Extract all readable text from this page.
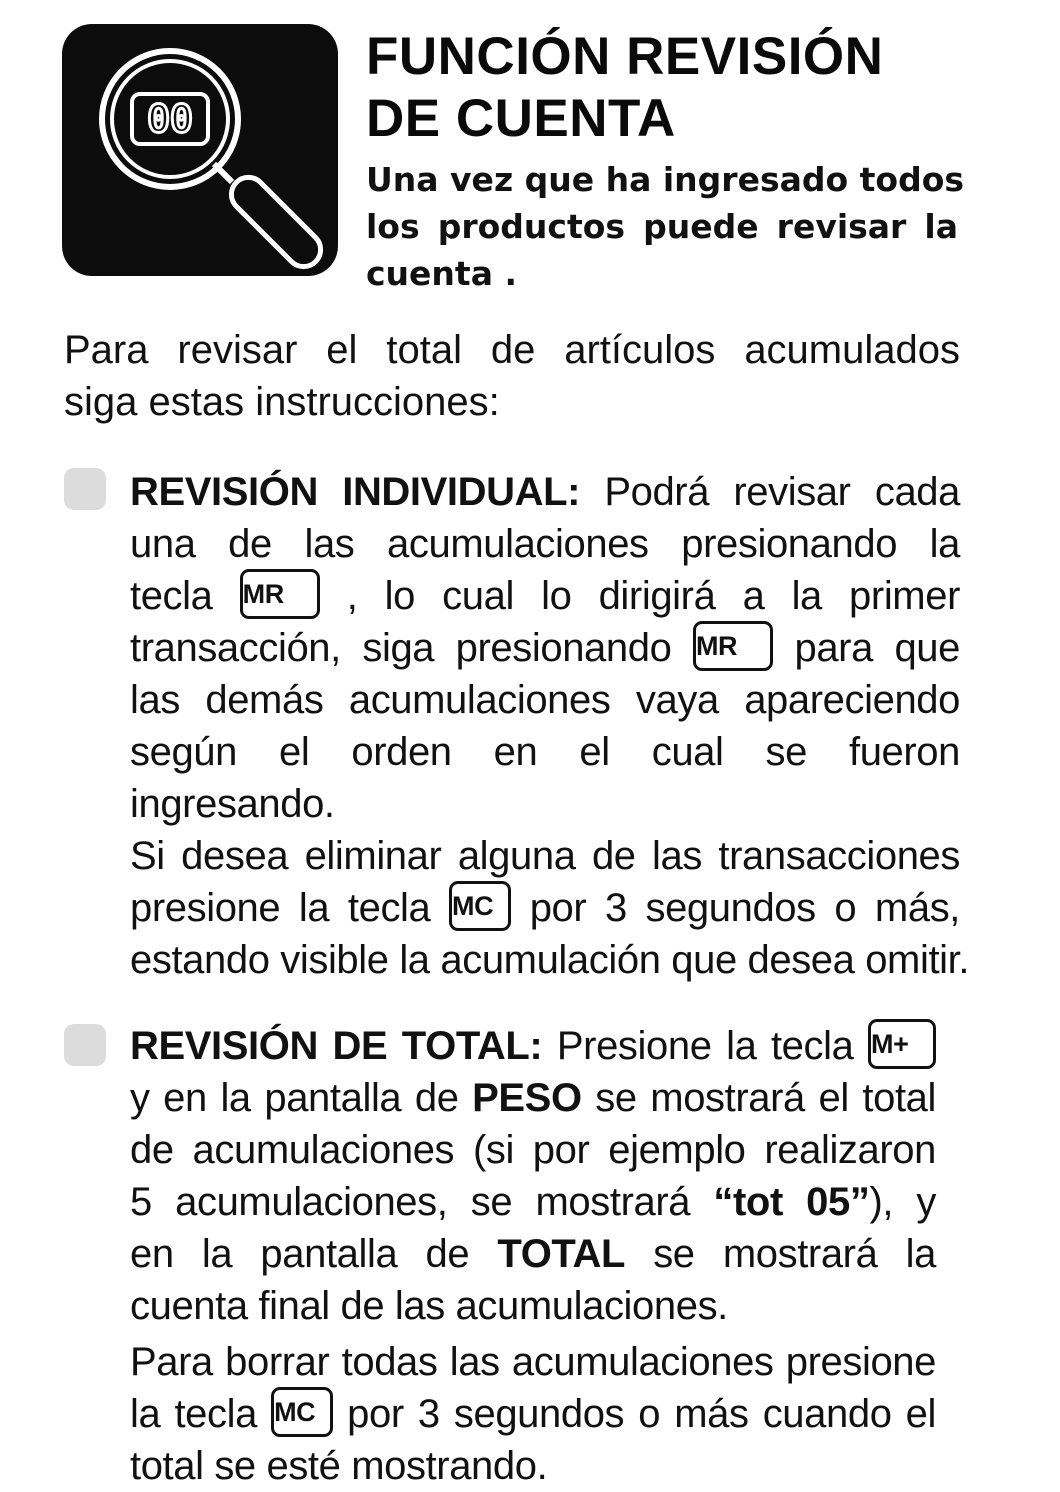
00
FUNCIÓN REVISIÓN
DE CUENTA
Una vez que ha ingresado todos
los productos puede revisar la
cuenta .
Para revisar el total de artículos acumulados
siga estas instrucciones:
REVISIÓN INDIVIDUAL: Podrá revisar cada
una de las acumulaciones presionando la
tecla MR , lo cual lo dirigirá a la primer
transacción, siga presionando MR para que
las demás acumulaciones vaya apareciendo
según el orden en el cual se fueron
ingresando.
Si desea eliminar alguna de las transacciones
presione la tecla MC por 3 segundos o más,
estando visible la acumulación que desea omitir.
REVISIÓN DE TOTAL: Presione la tecla M+
y en la pantalla de PESO se mostrará el total
de acumulaciones (si por ejemplo realizaron
5 acumulaciones, se mostrará “tot 05”), y
en la pantalla de TOTAL se mostrará la
cuenta final de las acumulaciones.
Para borrar todas las acumulaciones presione
la tecla MC por 3 segundos o más cuando el
total se esté mostrando.
